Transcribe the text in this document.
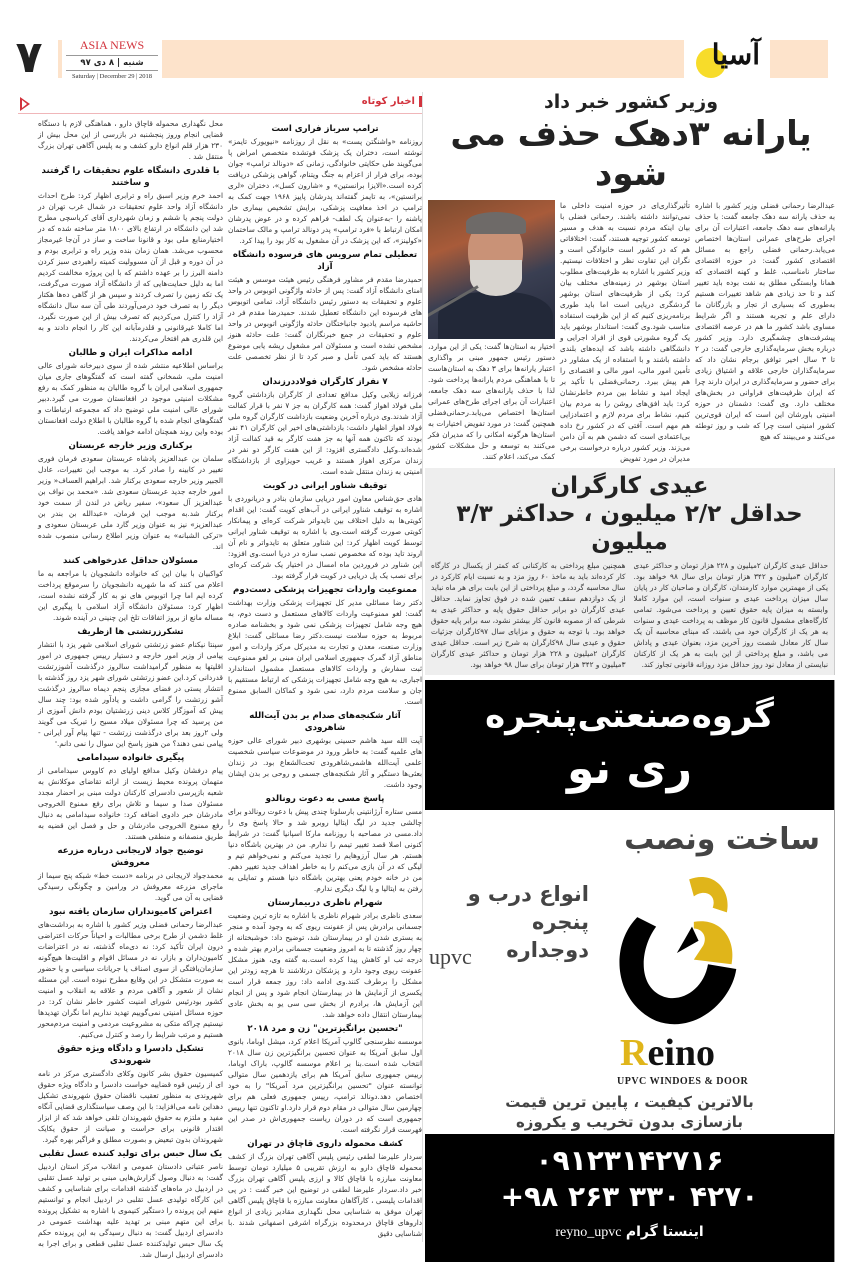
۷	ASIA NEWS
شنبه | ۸ دی ۹۷
Saturday | December 29 | 2018
آسیا
وزیر کشور خبر داد
یارانه ۳دهک حذف می شود
عبدالرضا رحمانی فضلی وزیر کشور با اشاره به حذف یارانه سه دهک جامعه گفت: با حذف یارانه‌های سه دهک جامعه، اعتبارات آن برای اجرای طرح‌های عمرانی استان‌ها اختصاص می‌یابد.رحمانی فضلی راجع به مسائل اقتصادی کشور گفت: در حوزه اقتصادی ساختار نامناسب، غلط و کهنه اقتصادی که همانا وابستگی مطلق به نفت بوده باید تغییر کند و تا حد زیادی هم شاهد تغییرات هستیم به‌طوری که بسیاری از تجار و بازرگانان ما دارای علم و تجربه هستند و اگر شرایط مساوی باشد کشور ما هم در عرصه اقتصادی پیشرفت‌های چشمگیری دارد. وزیر کشور درباره بخش سرمایه‌گذاری خارجی گفت: در ۲ تا ۳ سال اخیر توافق برجام نشان داد که سرمایه‌گذاران خارجی علاقه و اشتیاق زیادی برای حضور و سرمایه‌گذاری در ایران دارند چرا که ایران ظرفیت‌های فراوانی در بخش‌های مختلف دارد. وی گفت: دشمنان در حوزه امنیتی باورشان این است که ایران قوی‌ترین کشور امنیتی است چرا که شب و روز توطئه می‌کنند و می‌بینند که هیچ
تأثیرگذاری‌ای در حوزه امنیت داخلی ما نمی‌توانند داشته باشند. رحمانی فضلی با بیان اینکه مردم نسبت به هدف و مسیر توسعه کشور توجیه هستند، گفت: اختلافاتی هم که در کشور است خانوادگی است و نگران این تفاوت نظر و اختلافات نیستیم. وزیر کشور با اشاره به ظرفیت‌های مطلوب استان بوشهر در زمینه‌های مختلف بیان کرد: یکی از ظرفیت‌های استان بوشهر گردشگری دریایی است اما باید طوری برنامه‌ریزی کنیم که از این ظرفیت استفاده مناسب شود.وی گفت: استاندار بوشهر باید یک گروه مشورتی قوی از افراد اجرایی و دانشگاهی داشته باشد که ایده‌های بلندی داشته باشند و با استفاده از یک مشاور در تأمین امور مالی، امور مالی و اقتصادی را هم پیش ببرد. رحمانی‌فضلی با تأکید بر ایجاد امید و نشاط بین مردم خاطرنشان کرد: باید افق‌های روشن را به مردم بیان کنیم، نشاط برای مردم لازم و اعتمادزایی هم مهم است. آفتی که در کشور رخ داده بی‌اعتمادی است که دشمن هم به آن دامن می‌زند. وزیر کشور درباره درخواست برخی مدیران در مورد تفویض
اختیار به استان‌ها گفت: یکی از این موارد، دستور رئیس جمهور مبنی بر واگذاری اعتبار یارانه‌ها برای ۳ دهک به استان‌هاست تا با هماهنگی مردم یارانه‌ها پرداخت شود. لذا با حذف یارانه‌های سه دهک جامعه، اعتبارات آن برای اجرای طرح‌های عمرانی استان‌ها اختصاص می‌یابد.رحمانی‌فضلی همچنین گفت: در مورد تفویض اختیارات به استان‌ها هرگونه امکانی را که مدیران فکر می‌کنند به توسعه و حل مشکلات کشور کمک می‌کند، اعلام کنند.
عیدی کارگران
حداقل ۲/۲ میلیون ، حداکثر ۳/۳ میلیون
حداقل عیدی کارگران ۲میلیون و ۲۲۸ هزار تومان و حداکثر عیدی کارگران ۳میلیون و ۳۴۲ هزار تومان برای سال ۹۸ خواهد بود. یکی از مهمترین موارد کارمندان، کارگران و صاحبان کار در پایان سال میزان پرداخت عیدی و سنوات است، این موارد کاملا وابسته به میزان پایه حقوق تعیین و پرداخت می‌شود. تمامی کارگاه‌های مشمول قانون کار موظف به پرداخت عیدی و سنوات به هر یک از کارگران خود می باشند، که مبنای محاسبه آن یک سال کار معادل شصت روز آخرین مزد، بعنوان عیدی و پاداش می باشد، و مبلغ پرداختی از این بابت به هر یک از کارکنان نبایستی از معادل نود روز حداقل مزد روزانه قانونی تجاوز کند.
همچنین مبلغ پرداختی به کارکنانی که کمتر از یکسال در کارگاه کار کرده‌اند باید به ماخذ ۶۰ روز مزد و به نسبت ایام کارکرد در سال محاسبه گردد، و مبلغ پرداختی از این بابت برای هر ماه نباید از یک دوازدهم سقف تعیین شده در فوق تجاوز نماید. حداقل عیدی کارگران دو برابر حداقل حقوق پایه و حداکثر عیدی به شرطی که از مصوبه قانون کار بیشتر نشود، سه برابر پایه حقوق خواهد بود. با توجه به حقوق و مزایای سال ۹۷کارگران جزئیات حقوق و عیدی سال ۹۸کارگران به شرح زیر است. حداقل عیدی کارگران ۲میلیون و ۲۲۸ هزار تومان و حداکثر عیدی کارگران ۳میلیون و ۳۴۲ هزار تومان برای سال ۹۸ خواهد بود.
گروه‌صنعتی‌پنجره
ری نو
ساخت ونصب
انواع درب و پنجره
دوجداره
upvc
Reino
UPVC WINDOES & DOOR
بالاترین کیفیت ، پایین ترین قیمت
بازسازی بدون تخریب و یکروزه
۰۹۱۲۳۱۴۲۷۱۶
+۹۸ ۲۶۳ ۳۳۰ ۴۲۷۰
اینستا گرام reyno_upvc
اخبار کوتاه
ترامپ سرباز فراری است
روزنامه «واشنگتن پست» به نقل از روزنامه «نیویورک تایمز» نوشته است، دختران یک پزشک فوتشده متخصص امراض پا می‌گویند طی حکایتی خانوادگی، زمانی که «دونالد ترامپ» جوان بوده، برای فرار از اعزام به جنگ ویتنام، گواهی پزشکی دریافت کرده است.«الایزا برانستین» و «شارون کسل»، دختران «لری برانستین»، به تایمز گفته‌اند پدرشان پاییز ۱۹۶۸ جهت کمک به ترامپ در اخذ معافیت پزشکی، برایش تشخیص بیماری خار پاشنه را -به‌عنوان یک لطف- فراهم کرده و در عوض پدرشان امکان ارتباط با «فرد ترامپ» پدر دونالد ترامپ و مالک ساختمان «کولینز»، که این پزشک در آن مشغول به کار بود را پیدا کرد.
تعطیلی تمام سرویس های فرسوده دانشگاه آزاد
حمیدرضا مقدم فر مشاور فرهنگی رئیس هیئت موسس و هیئت امنای دانشگاه آزاد گفت: پس از حادثه واژگونی اتوبوس در واحد علوم و تحقیقات به دستور رئیس دانشگاه آزاد، تمامی اتوبوس های فرسوده این دانشگاه تعطیل شدند. حمیدرضا مقدم فر در حاشیه مراسم یادبود جانباختگان حادثه واژگونی اتوبوس در واحد علوم و تحقیقات در جمع خبرنگاران گفت: علت حادثه هنوز مشخص نشده است و مسئولان امر مشغول ریشه یابی موضوع هستند که باید کمی تأمل و صبر کرد تا از نظر تخصصی علت حادثه مشخص شود.
۷ نفراز کارگران فولاددرزندان
فرزانه زیلابی وکیل مدافع تعدادی از کارگران بازداشتی گروه ملی فولاد اهواز گفت: همه کارگران به جز ۷ نفر با قرار کفالت آزاد شدند.وی درباره آخرین وضعیت بازداشت کارگران گروه ملی فولاد اهواز اظهار داشت: بازداشتی‌های اخیر این کارگران ۴۱ نفر بودند که تاکنون همه آنها به جز هفت کارگر به قید کفالت آزاد شده‌اند.وکیل دادگستری افزود: از این هفت کارگر دو نفر در زندان مرکزی اهواز هستند و غریب حویزاوی از بازداشتگاه امنیتی به زندان منتقل شده است.
توقیف شناور ایرانی در کویت
هادی حق‌شناس معاون امور دریایی سازمان بنادر و دریانوردی با اشاره به توقیف شناور ایرانی در آب‌های کویت گفت: این اقدام کویتی‌ها به دلیل اختلاف بین تایدواتر شرکت کره‌ای و پیمانکار کویتی صورت گرفته است.وی با اشاره به توقیف شناور ایرانی توسط کویت اظهار کرد: این شناور متعلق به تایدواتر و نام آن اروند تاید بوده که مخصوص نصب سازه در دریا است.وی افزود: این شناور در فروردین ماه امسال در اختیار یک شرکت کره‌ای برای نصب یک پل دریایی در کویت قرار گرفته بود.
ممنوعیت واردات تجهیزات پزشکی دست‌دوم
دکتر رضا مسائلی مدیر کل تجهیزات پزشکی وزارت بهداشت گفت: لغو ممنوعیت واردات کالاهای مستعمل و دست دوم، به هیچ وجه شامل تجهیزات پزشکی نمی شود و بخشنامه صادره مربوط به حوزه سلامت نیست.دکتر رضا مسائلی گفت: ابلاغ وزارت صنعت، معدن و تجارت به مدیرکل مرکز واردات و امور مناطق آزاد گمرک جمهوری اسلامی ایران مبنی بر لغو ممنوعیت ثبت سفارش و واردات کالاهای مستعمل مشمول استاندارد اجباری، به هیچ وجه شامل تجهیزات پزشکی که ارتباط مستقیم با جان و سلامت مردم دارد، نمی شود و کماکان السابق ممنوع است.
آثار شکنجه‌های صدام بر بدن آیت‌الله شاهرودی
آیت الله سید هاشم حسینی بوشهری دبیر شورای عالی حوزه های علمیه گفت: به خاطر ورود در موضوعات سیاسی شخصیت علمی آیت‌الله هاشمی‌شاهرودی تحت‌الشعاع بود. در زندان بعثی‌ها دستگیر و آثار شکنجه‌های جسمی و روحی بر بدن ایشان وجود داشت.
پاسخ مسی به دعوت رونالدو
مسی ستاره آرژانتینی بارسلونا چندی پیش با دعوت رونالدو برای چالشی جدید در لیگ ایتالیا روبرو شد و حالا پاسخ وی را داد.مسی در مصاحبه با روزنامه مارکا اسپانیا گفت: در شرایط کنونی اصلا قصد تغییر تیمم را ندارم. من در بهترین باشگاه دنیا هستم. هر سال آرزوهایم را تجدید می‌کنم و نمی‌خواهم تیم و لیگی که در آن بازی می‌کنم را به خاطر اهداف جدید تغییر دهم. من در خانه خودم یعنی بهترین باشگاه دنیا هستم و تمایلی به رفتن به ایتالیا و یا لیگ دیگری ندارم.
شهرام ناظری دربیمارستان
سعدی ناظری برادر شهرام ناظری با اشاره به تازه ترین وضعیت جسمانی برادرش پس از عفونت ریوی که به وجود آمده و منجر به بستری شدن او در بیمارستان شد، توضیح داد: خوشبختانه از چهار روز گذشته تا به امروز وضعیت جسمانی برادرم بهتر شده و درجه تب او کاهش پیدا کرده است.به گفته وی، هنوز مشکل عفونت ریوی وجود دارد و پزشکان درتلاشند تا هرچه زودتر این مشکل را برطرف کنند.وی ادامه داد: روز جمعه قرار است یکسری از آزمایش ها در بیمارستان انجام شود و پس از انجام این آزمایش ها، برادرم از بخش سی سی یو به بخش عادی بیمارستان انتقال داده خواهد شد.
"تحسین برانگیزترین" زن و مرد ۲۰۱۸
موسسه نظرسنجی گالوپ آمریکا اعلام کرد، میشل اوباما، بانوی اول سابق آمریکا به عنوان تحسین برانگیزترین زن سال ۲۰۱۸ انتخاب شده است.بنا بر اعلام موسسه گالوپ، باراک اوباما، رییس جمهوری سابق آمریکا هم برای یازدهمین سال متوالی توانسته عنوان "تحسین برانگیزترین مرد آمریکا" را به خود اختصاص دهد.دونالد ترامپ، رییس جمهوری فعلی هم برای چهارمین سال متوالی در مقام دوم قرار دارد.او تاکنون تنها رییس جمهوری است که در دوران ریاست جمهوری‌اش در صدر این فهرست قرار نگرفته است.
کشف محموله داروی قاچاق در تهران
سردار علیرضا لطفی رئیس پلیس آگاهی تهران بزرگ از کشف محموله قاچاق دارو به ارزش تقریبی ۵ میلیارد تومان توسط معاونت مبارزه با قاچاق کالا و ارزی پلیس آگاهی تهران بزرگ خبر داد.سردار علیرضا لطفی در توضیح این خبر گفت : در پی اقدامات پلیسی ، کارآگاهان معاونت مبارزه با قاچاق پلیس آگاهی تهران موفق به شناسایی محل نگهداری مقادیر زیادی از انواع داروهای قاچاق درمحدوده بزرگراه اشرفی اصفهانی شدند .با شناسایی دقیق
محل نگهداری محموله قاچاق دارو ، هماهنگی لازم با دستگاه قضایی انجام وروز پنجشنبه در بازرسی از این محل بیش از ۲۳۰ هزار قلم انواع دارو کشف و به پلیس آگاهی تهران بزرگ منتقل شد .
با قلدری دانشگاه علوم تحقیقات را گرفتند و ساختند
احمد خرم وزیر اسبق راه و ترابری اظهار کرد: طرح احداث دانشگاه آزاد واحد علوم تحقیقات در شمال غرب تهران در دولت پنجم یا ششم و زمان شهرداری آقای کرباسچی مطرح شد این دانشگاه در ارتفاع بالای ۱۸۰۰ متر ساخته شده که در اختیارمنابع ملی بود و قانونا ساخت و ساز در آن‌جا غیرمجاز محسوب می‌شد. همان زمان بنده وزیر راه و ترابری بودم و در آن دوره و قبل از آن مسوولیت کمیته راهبردی سبز کردن دامنه البرز را بر عهده داشتم که با این پروژه مخالفت کردیم اما به دلیل حمایت‌هایی که از دانشگاه آزاد صورت می‌گرفت، یک تکه زمین را تصرف کردند و سپس هر از گاهی ده‌ها هکتار دیگر را به تصرف خود درمی‌آوردند طی آن سه سال دانشگاه آزاد را کنترل می‌کردیم که تصرف بیش از این صورت نگیرد، اما کاملا غیرقانونی و قلدرمآبانه این کار را انجام دادند و به این قلدری هم افتخار می‌کردند.
ادامه مذاکرات ایران و طالبان
براساس اطلاعیه منتشر شده از سوی دبیرخانه شورای عالی امنیت ملی، شمخانی گفته است که گفتگوهای جاری میان جمهوری اسلامی ایران با گروه طالبان به منظور کمک به رفع مشکلات امنیتی موجود در افغانستان صورت می گیرد.دبیر شورای عالی امنیت ملی توضیح داد که مجموعه ارتباطات و گفتگوهای انجام شده با گروه طالبان با اطلاع دولت افغانستان بوده واین روند همچنان ادامه خواهد یافت.
برکناری وزیر خارجه عربستان
سلمان بن عبدالعزیز پادشاه عربستان سعودی فرمان فوری تغییر در کابینه را صادر کرد. به موجب این تغییرات، عادل الجبیر وزیر خارجه سعودی برکنار شد. ابراهیم العساف« وزیر امور خارجه جدید عربستان سعودی شد. «محمد بن نواف بن عبدالعزیز آل سعود»، سفیر ریاض در لندن از سمت خود برکنار شد.به موجب این فرمان، «عبدالله بن بندر بن عبدالعزیز» نیز به عنوان وزیر گارد ملی عربستان سعودی و «ترکی الشبانه» به عنوان وزیر اطلاع رسانی منصوب شده اند.
مسئولان حداقل عذرخواهی کنند
کواکبیان با بیان این که خانواده دانشجویان با مراجعه به ما اعلام می کنند که ما شهریه دانشجویان را سرموقع پرداخت کرده ایم اما چرا اتوبوس های نو به کار گرفته نشده است، اظهار کرد: مسئولان دانشگاه آزاد اسلامی با پیگیری این مساله مانع از بروز اتفاقات تلخ این چنینی در آینده شوند.
تشکرزرتشتی ها ازظریف
سپنتا نیکنام عضو زرتشتی شورای اسلامی شهر یزد با انتشار پیامی از وزیر امور خارجه و دستیار رییس جمهوری در امور اقلیتها به منظور گرامیداشت سالروز درگذشت آشوزرتشت قدردانی کرد.این عضو زرتشتی شورای شهر یزد روز گذشته با انتشار پستی در فضای مجازی پنجم دیماه سالروز درگذشت آشو زرتشت را گرامی داشت و یادآور شده بود: چند سال پیش که آموزگار کلاس دینی زرتشتیان بودم دانش آموزی از من پرسید که چرا مسئولان میلاد مسیح را تبریک می گویند ولی ۲روز بعد برای درگذشت زرتشت - تنها پیام آور ایرانی - پیامی نمی دهند؟ من هنوز پاسخ این سوال را نمی دانم.'
پیگیری خانواده سیدامامی
پیام درفشان وکیل مدافع اولیای دم کاووس سیدامامی از متهمان پرونده محیط زیست از ارائه تقاضای موکلانش به شعبه بازپرسی دادسرای کارکنان دولت مبنی بر احضار مجدد مسئولان صدا و سیما و تلاش برای رفع ممنوع الخروجی مادرشان خبر دادوی اضافه کرد: خانواده سیدامامی به دنبال رفع ممنوع الخروجی مادرشان و حل و فصل این قضیه به طریق منصفانه و منطقی هستند.
توضیح جواد لاریجانی درباره مزرعه معروفش
محمدجواد لاریجانی در برنامه «دست خط» شبکه پنج سیما از ماجرای مزرعه معروفش در ورامین و چگونگی رسیدگی قضایی به آن می گوید.
اعتراض کامیونداران سازمان یافته نبود
عبدالرضا رحمانی فضلی وزیر کشور با اشاره به برداشت‌های غلط دشمن از طرح برخی مطالبات و احیاناً حرکات اعتراضی درون ایران تأکید کرد: نه دی‌ماه گذشته، نه در اعتراضات کامیون‌داران و بازار، نه در مسائل اقوام و اقلیت‌ها هیچ‌گونه سازمان‌یافتگی از سوی اصناف یا جریانات سیاسی و یا حضور به صورت متشکل در این وقایع مطرح نبوده است. این مسئله نشان از شعور و آگاهی مردم و علاقه به انقلاب و امنیت کشور بودرئیس شورای امنیت کشور خاطر نشان کرد: در حوزه مسائل امنیتی نمی‌گوییم تهدید نداریم اما نگران تهدیدها نیستیم چراکه متکی به مشروعیت مردمی و امنیت مردم‌محور هستیم و مرتب شرایط را رصد و کنترل می‌کنیم.
تشکیل دادسرا و دادگاه ویژه حقوق شهروندی
کمیسیون حقوق بشر کانون وکلای دادگستری مرکز در نامه ای از رئیس قوه قضاییه خواست دادسرا و دادگاه ویژه حقوق شهروندی به منظور تعقیب ناقضان حقوق شهروندی تشکیل دهداین نامه می‌افزاید: با این وصف سیاستگذاری قضایی آنگاه مفید و ملتزم به حقوق شهروندان تلقی خواهد شد که از ابزار اقتدار قانونی برای حراست و صیانت از حقوق یکایک شهروندان بدون تبعیض و بصورت مطلق و فراگیر بهره گیرد.
یک سال حبس برای تولید کننده عسل تقلبی
ناصر عتباتی دادستان عمومی و انقلاب مرکز استان اردبیل گفت: به دنبال وصول گزارش‌هایی مبنی بر تولید عسل تقلبی در اردبیل در ماه‌های گذشته اقدامات برای شناسایی و کشف این کارگاه تولیدی عسل تقلبی در اردبیل انجام و توانستیم متهم این پرونده را دستگیر کنیموی با اشاره به تشکیل پرونده برای این متهم مبنی بر تهدید علیه بهداشت عمومی در دادسرای اردبیل گفت: به دنبال رسیدگی به این پرونده حکم یک سال حبس تولیدکننده عسل تقلبی قطعی و برای اجرا به دادسرای اردبیل ارسال شد.
